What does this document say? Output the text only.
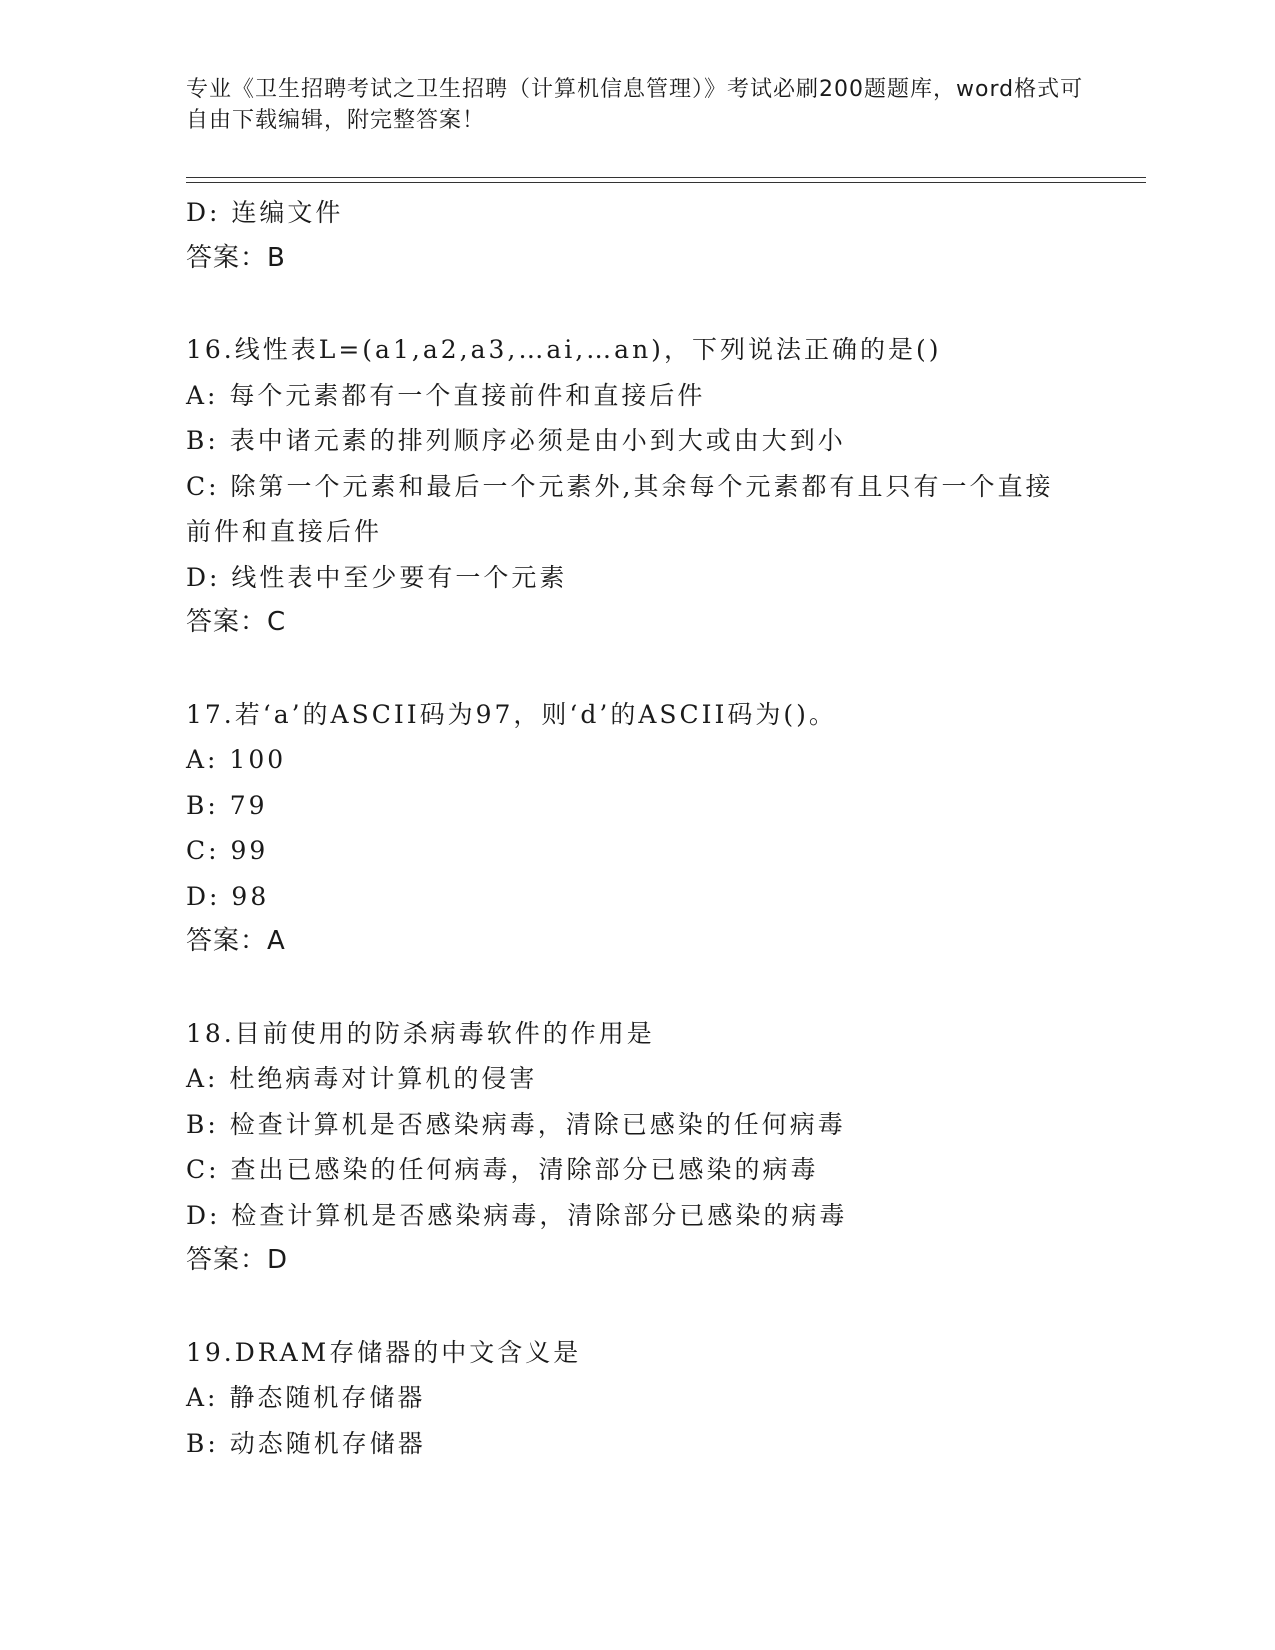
专业《卫生招聘考试之卫生招聘（计算机信息管理）》考试必刷200题题库，word格式可自由下载编辑，附完整答案！
D: 连编文件
答案：B
16.线性表L=(a1,a2,a3,…ai,…an)，下列说法正确的是()
A: 每个元素都有一个直接前件和直接后件
B: 表中诸元素的排列顺序必须是由小到大或由大到小
C: 除第一个元素和最后一个元素外,其余每个元素都有且只有一个直接前件和直接后件
D: 线性表中至少要有一个元素
答案：C
17.若‘a’的ASCII码为97，则‘d’的ASCII码为()。
A: 100
B: 79
C: 99
D: 98
答案：A
18.目前使用的防杀病毒软件的作用是
A: 杜绝病毒对计算机的侵害
B: 检查计算机是否感染病毒，清除已感染的任何病毒
C: 查出已感染的任何病毒，清除部分已感染的病毒
D: 检查计算机是否感染病毒，清除部分已感染的病毒
答案：D
19.DRAM存储器的中文含义是
A: 静态随机存储器
B: 动态随机存储器
